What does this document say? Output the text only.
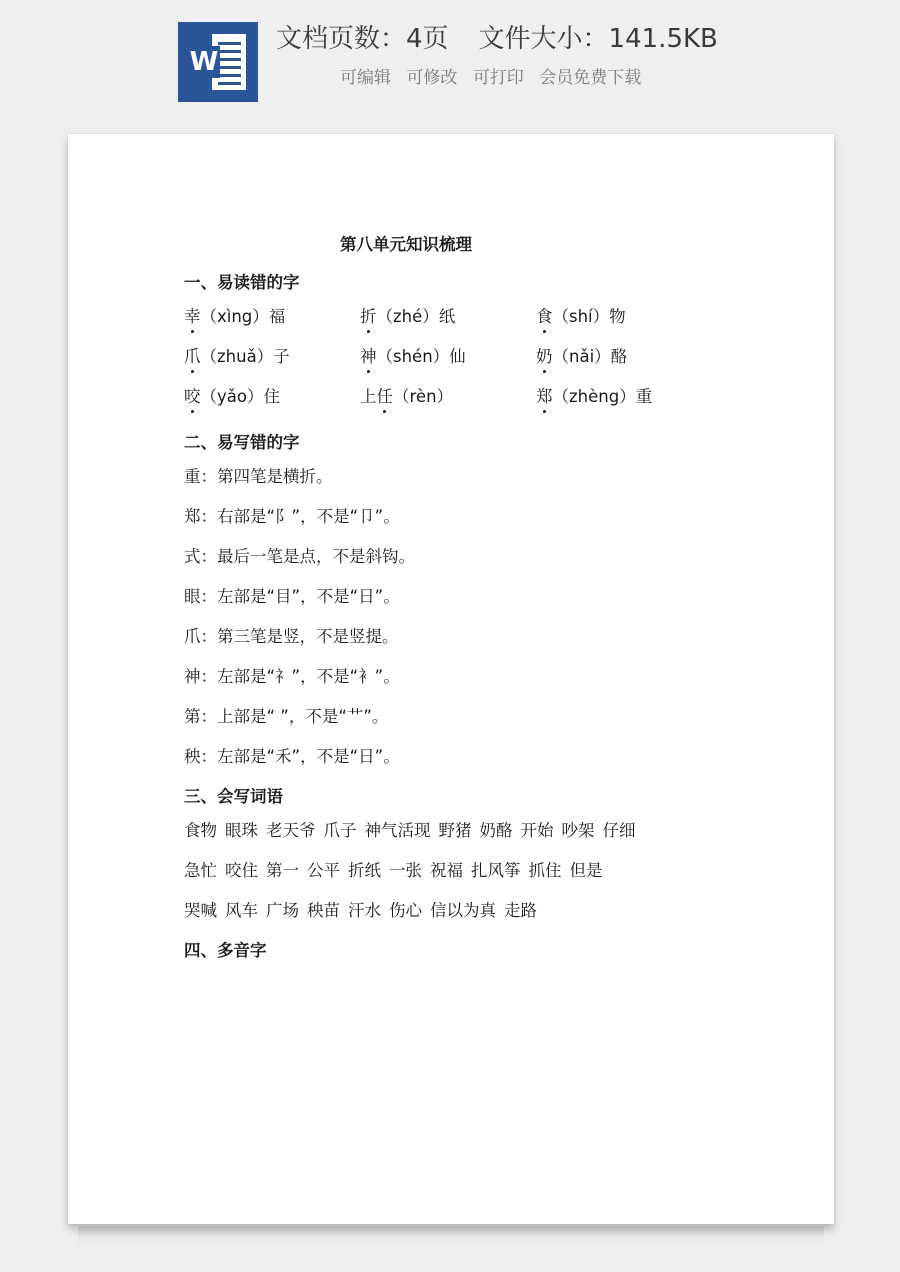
W
文档页数：4页 文件大小：141.5KB
可编辑 可修改 可打印 会员免费下载
第八单元知识梳理
一、易读错的字
幸（xìng）福	折（zhé）纸	食（shí）物
爪（zhuǎ）子	神（shén）仙	奶（nǎi）酪
咬（yǎo）住	上任（rèn）	郑（zhèng）重
二、易写错的字
重：第四笔是横折。
郑：右部是“阝”，不是“卩”。
式：最后一笔是点，不是斜钩。
眼：左部是“目”，不是“日”。
爪：第三笔是竖，不是竖提。
神：左部是“礻”，不是“衤”。
第：上部是“ ”，不是“艹”。
秧：左部是“禾”，不是“日”。
三、会写词语
食物 眼珠 老天爷 爪子 神气活现 野猪 奶酪 开始 吵架 仔细
急忙 咬住 第一 公平 折纸 一张 祝福 扎风筝 抓住 但是
哭喊 风车 广场 秧苗 汗水 伤心 信以为真 走路
四、多音字
